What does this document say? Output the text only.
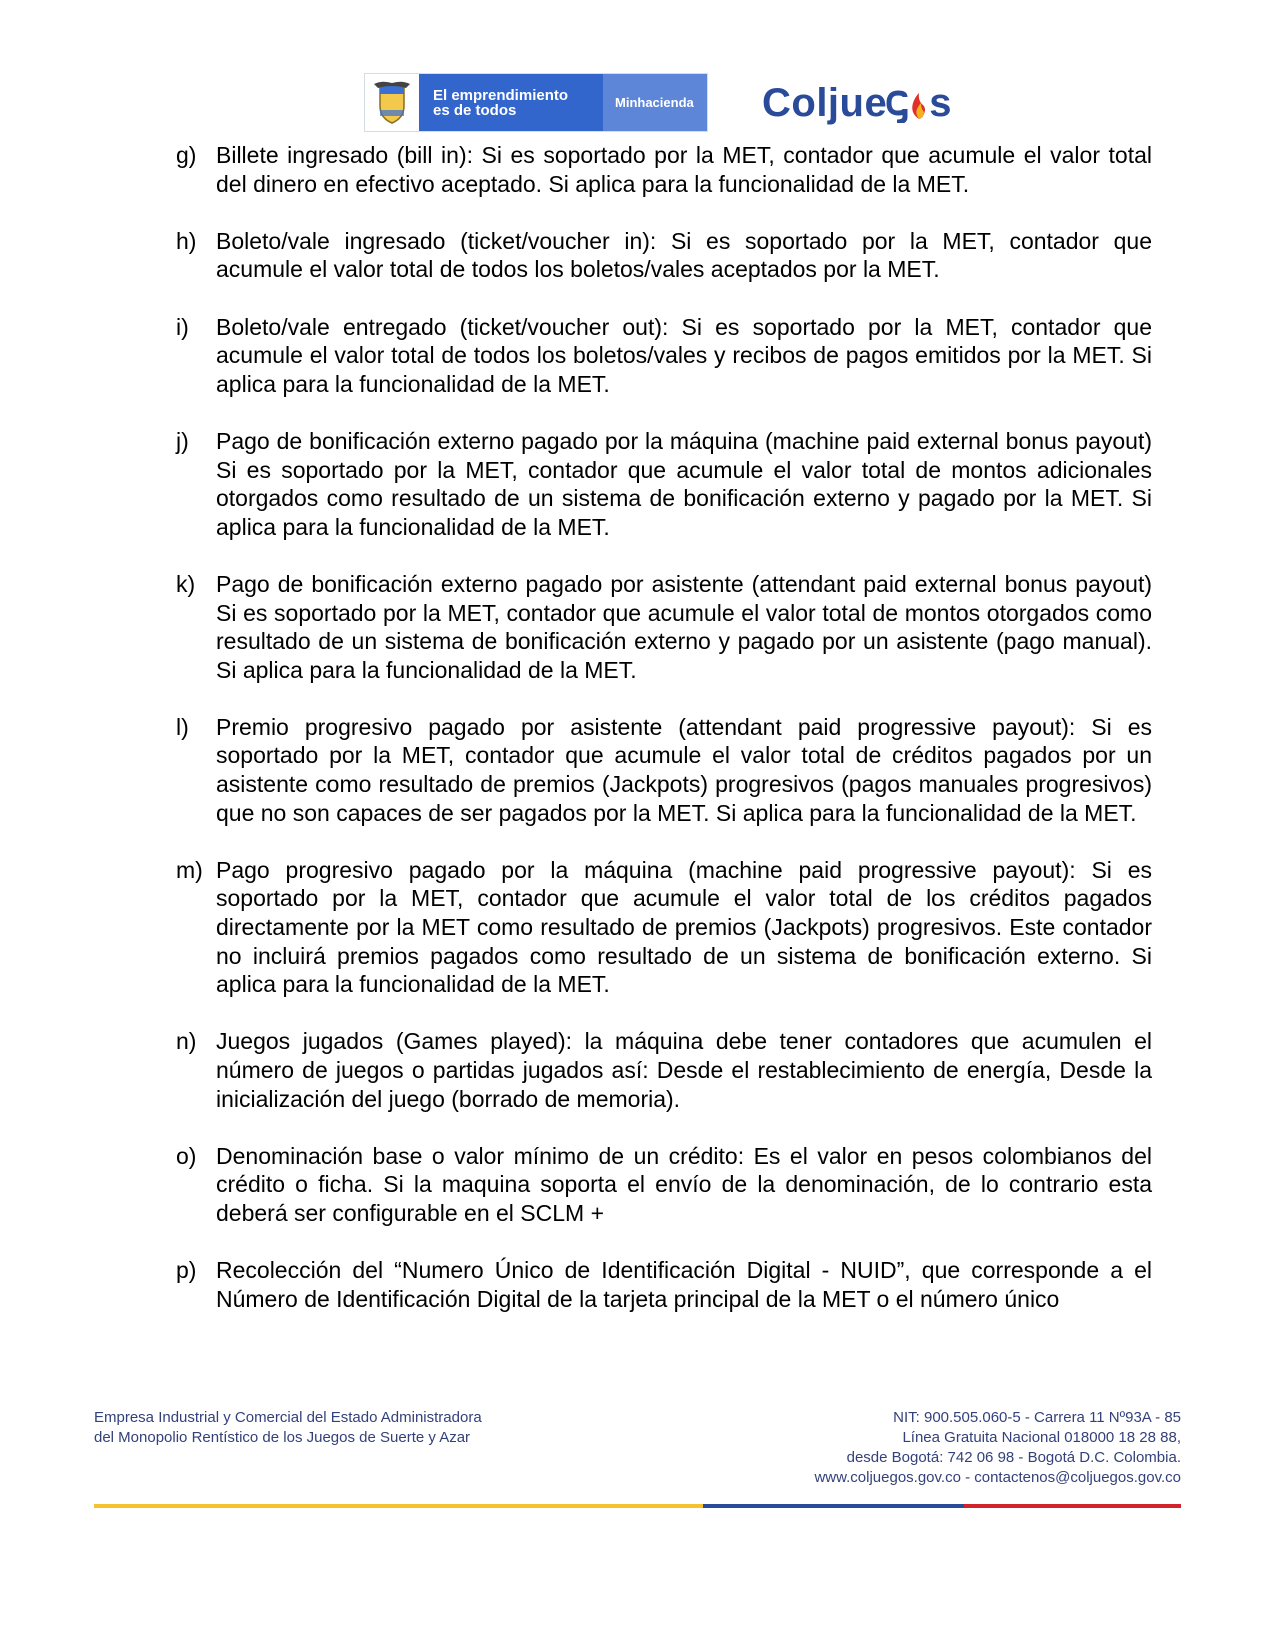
El emprendimiento
es de todos	Minhacienda	Colju e s
g) Billete ingresado (bill in): Si es soportado por la MET, contador que acumule el valor total del dinero en efectivo aceptado. Si aplica para la funcionalidad de la MET.
h) Boleto/vale ingresado (ticket/voucher in): Si es soportado por la MET, contador que acumule el valor total de todos los boletos/vales aceptados por la MET.
i)	Boleto/vale entregado (ticket/voucher out): Si es soportado por la MET, contador que acumule el valor total de todos los boletos/vales y recibos de pagos emitidos por la MET. Si aplica para la funcionalidad de la MET.
j)	Pago de bonificación externo pagado por la máquina (machine paid external bonus payout) Si es soportado por la MET, contador que acumule el valor total de montos adicionales otorgados como resultado de un sistema de bonificación externo y pagado por la MET. Si aplica para la funcionalidad de la MET.
k) Pago de bonificación externo pagado por asistente (attendant paid external bonus payout) Si es soportado por la MET, contador que acumule el valor total de montos otorgados como resultado de un sistema de bonificación externo y pagado por un asistente (pago manual). Si aplica para la funcionalidad de la MET.
l)	Premio progresivo pagado por asistente (attendant paid progressive payout): Si es soportado por la MET, contador que acumule el valor total de créditos pagados por un asistente como resultado de premios (Jackpots) progresivos (pagos manuales progresivos) que no son capaces de ser pagados por la MET. Si aplica para la funcionalidad de la MET.
m) Pago progresivo pagado por la máquina (machine paid progressive payout): Si es soportado por la MET, contador que acumule el valor total de los créditos pagados directamente por la MET como resultado de premios (Jackpots) progresivos. Este contador no incluirá premios pagados como resultado de un sistema de bonificación externo. Si aplica para la funcionalidad de la MET.
n) Juegos jugados (Games played): la máquina debe tener contadores que acumulen el número de juegos o partidas jugados así: Desde el restablecimiento de energía, Desde la inicialización del juego (borrado de memoria).
o) Denominación base o valor mínimo de un crédito: Es el valor en pesos colombianos del crédito o ficha. Si la maquina soporta el envío de la denominación, de lo contrario esta deberá ser configurable en el SCLM +
p) Recolección del “Numero Único de Identificación Digital - NUID”, que corresponde a el Número de Identificación Digital de la tarjeta principal de la MET o el número único
Empresa Industrial y Comercial del Estado Administradora
del Monopolio Rentístico de los Juegos de Suerte y Azar
NIT: 900.505.060-5 - Carrera 11 Nº93A - 85
Línea Gratuita Nacional 018000 18 28 88,
desde Bogotá: 742 06 98 - Bogotá D.C. Colombia.
www.coljuegos.gov.co - contactenos@coljuegos.gov.co
